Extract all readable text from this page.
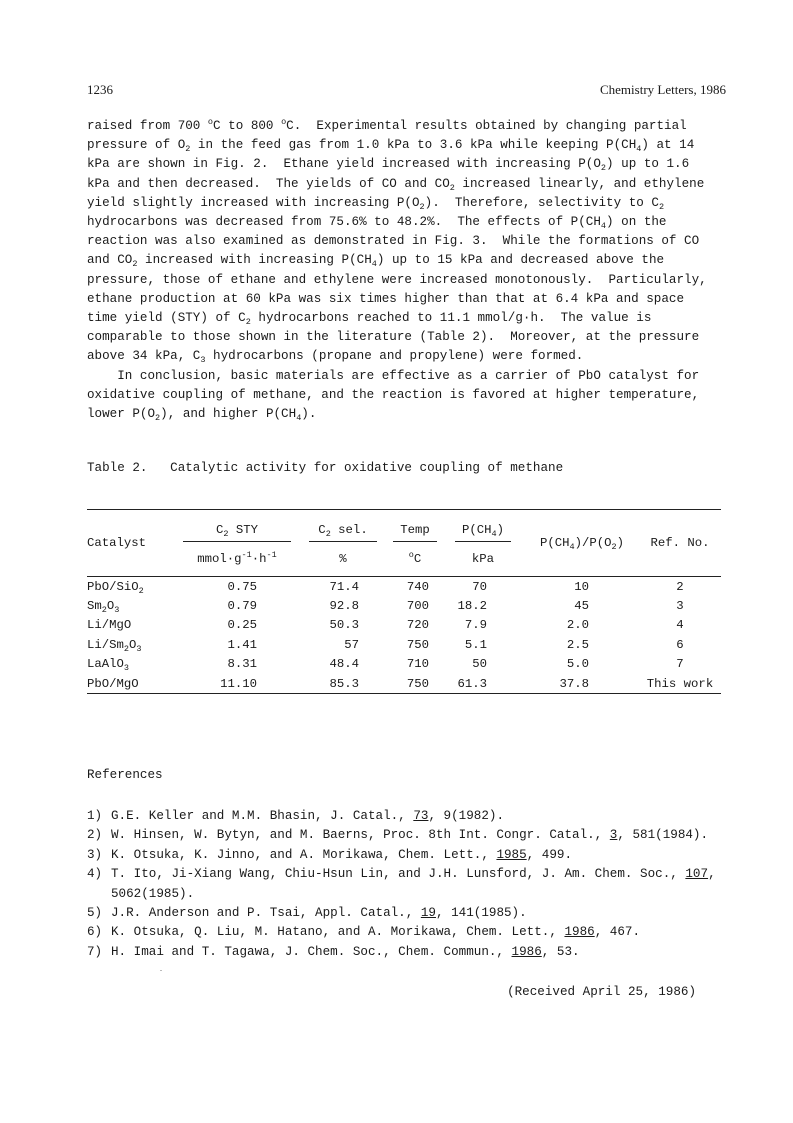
1236	Chemistry Letters, 1986

raised from 700 $^o$C to 800 $^o$C.  Experimental results obtained by changing partial
pressure of $O_2$ in the feed gas from 1.0 kPa to 3.6 kPa while keeping $P(CH_4)$ at 14
kPa are shown in Fig. 2.  Ethane yield increased with increasing $P(O_2)$ up to 1.6
kPa and then decreased.  The yields of CO and $CO_2$ increased linearly, and ethylene
yield slightly increased with increasing $P(O_2)$.  Therefore, selectivity to $C_2$
hydrocarbons was decreased from 75.6% to 48.2%.  The effects of $P(CH_4)$ on the
reaction was also examined as demonstrated in Fig. 3.  While the formations of CO
and $CO_2$ increased with increasing $P(CH_4)$ up to 15 kPa and decreased above the
pressure, those of ethane and ethylene were increased monotonously.  Particularly,
ethane production at 60 kPa was six times higher than that at 6.4 kPa and space
time yield (STY) of $C_2$ hydrocarbons reached to 11.1 mmol/g·h.  The value is
comparable to those shown in the literature (Table 2).  Moreover, at the pressure
above 34 kPa, $C_3$ hydrocarbons (propane and propylene) were formed.

In conclusion, basic materials are effective as a carrier of PbO catalyst for
oxidative coupling of methane, and the reaction is favored at higher temperature,
lower $P(O_2)$, and higher $P(CH_4)$.

Table 2.   Catalytic activity for oxidative coupling of methane
Catalyst	$C_2$ STY	$C_2$ sel.	Temp	$P(CH_4)$	$P(CH_4)/P(O_2)$	Ref. No.
	$mmol\cdot g^{-1}\cdot h^{-1}$	%	$^o$C	kPa		
PbO/SiO$_2$	0.75	71.4	740	70	10	2
$Sm_2O_3$	0.79	92.8	700	18.2	45	3
Li/MgO	0.25	50.3	720	7.9	2.0	4
$Li/Sm_2O_3$	1.41	57	750	5.1	2.5	6
LaAlO$_3$	8.31	48.4	710	50	5.0	7
PbO/MgO	11.10	85.3	750	61.3	37.8	This work
References
1) G.E. Keller and M.M. Bhasin, J. Catal., 73, 9(1982).
2) W. Hinsen, W. Bytyn, and M. Baerns, Proc. 8th Int. Congr. Catal., 3, 581(1984).
3) K. Otsuka, K. Jinno, and A. Morikawa, Chem. Lett., 1985, 499.
4) T. Ito, Ji-Xiang Wang, Chiu-Hsun Lin, and J.H. Lunsford, J. Am. Chem. Soc., 107, 5062(1985).
5) J.R. Anderson and P. Tsai, Appl. Catal., 19, 141(1985).
6) K. Otsuka, Q. Liu, M. Hatano, and A. Morikawa, Chem. Lett., 1986, 467.
7) H. Imai and T. Tagawa, J. Chem. Soc., Chem. Commun., 1986, 53.
(Received April 25, 1986)
